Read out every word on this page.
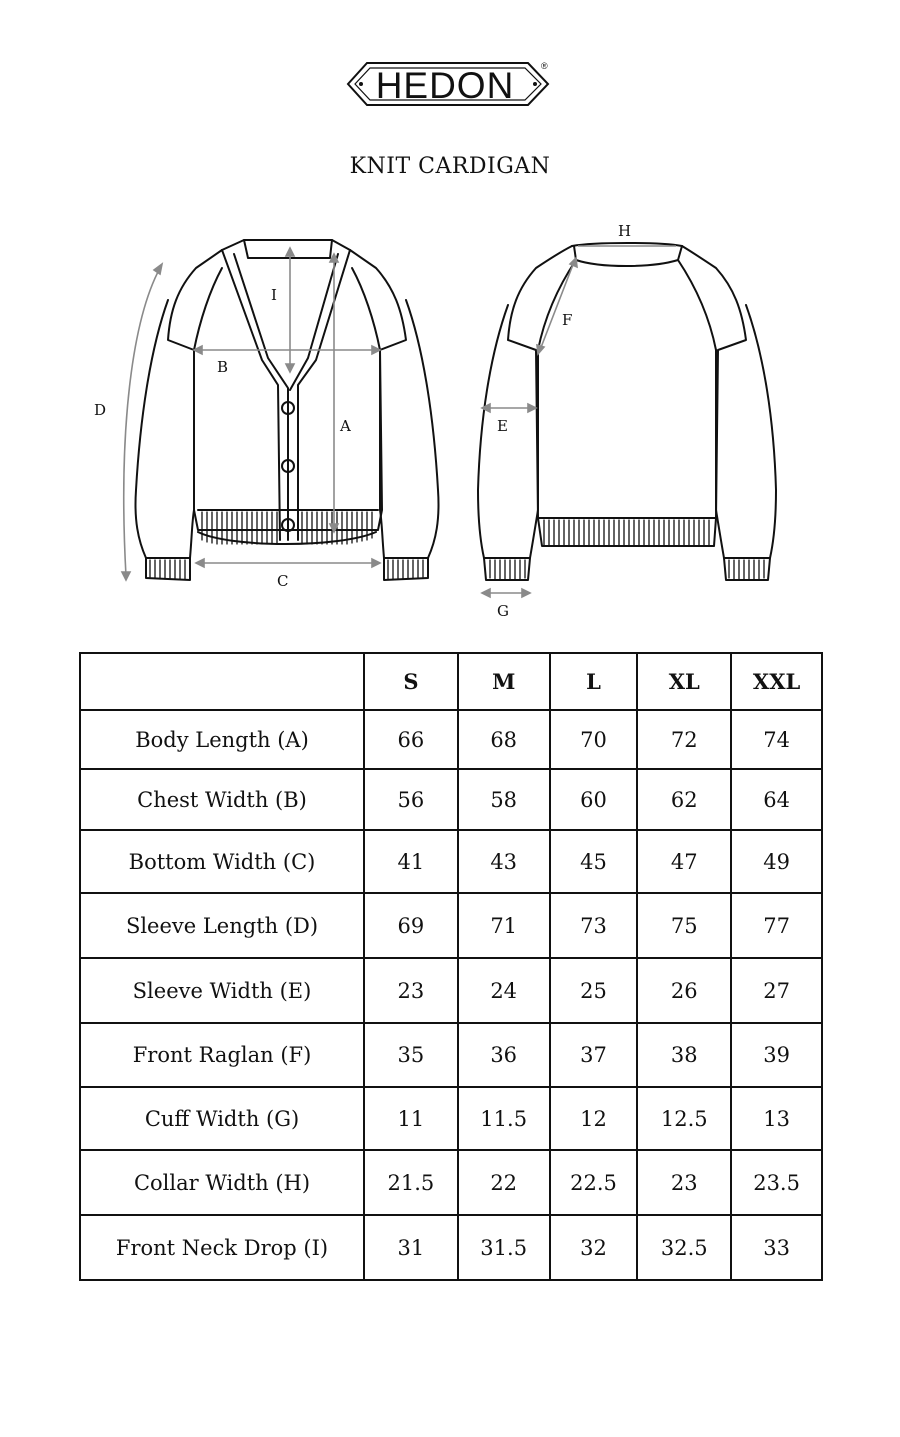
HEDON	®
KNIT CARDIGAN
I
B
A
D
C
H
F
E
G
	S	M	L	XL	XXL
Body Length (A)	66	68	70	72	74
Chest Width (B)	56	58	60	62	64
Bottom Width (C)	41	43	45	47	49
Sleeve Length (D)	69	71	73	75	77
Sleeve Width (E)	23	24	25	26	27
Front Raglan (F)	35	36	37	38	39
Cuff Width (G)	11	11.5	12	12.5	13
Collar Width (H)	21.5	22	22.5	23	23.5
Front Neck Drop (I)	31	31.5	32	32.5	33
